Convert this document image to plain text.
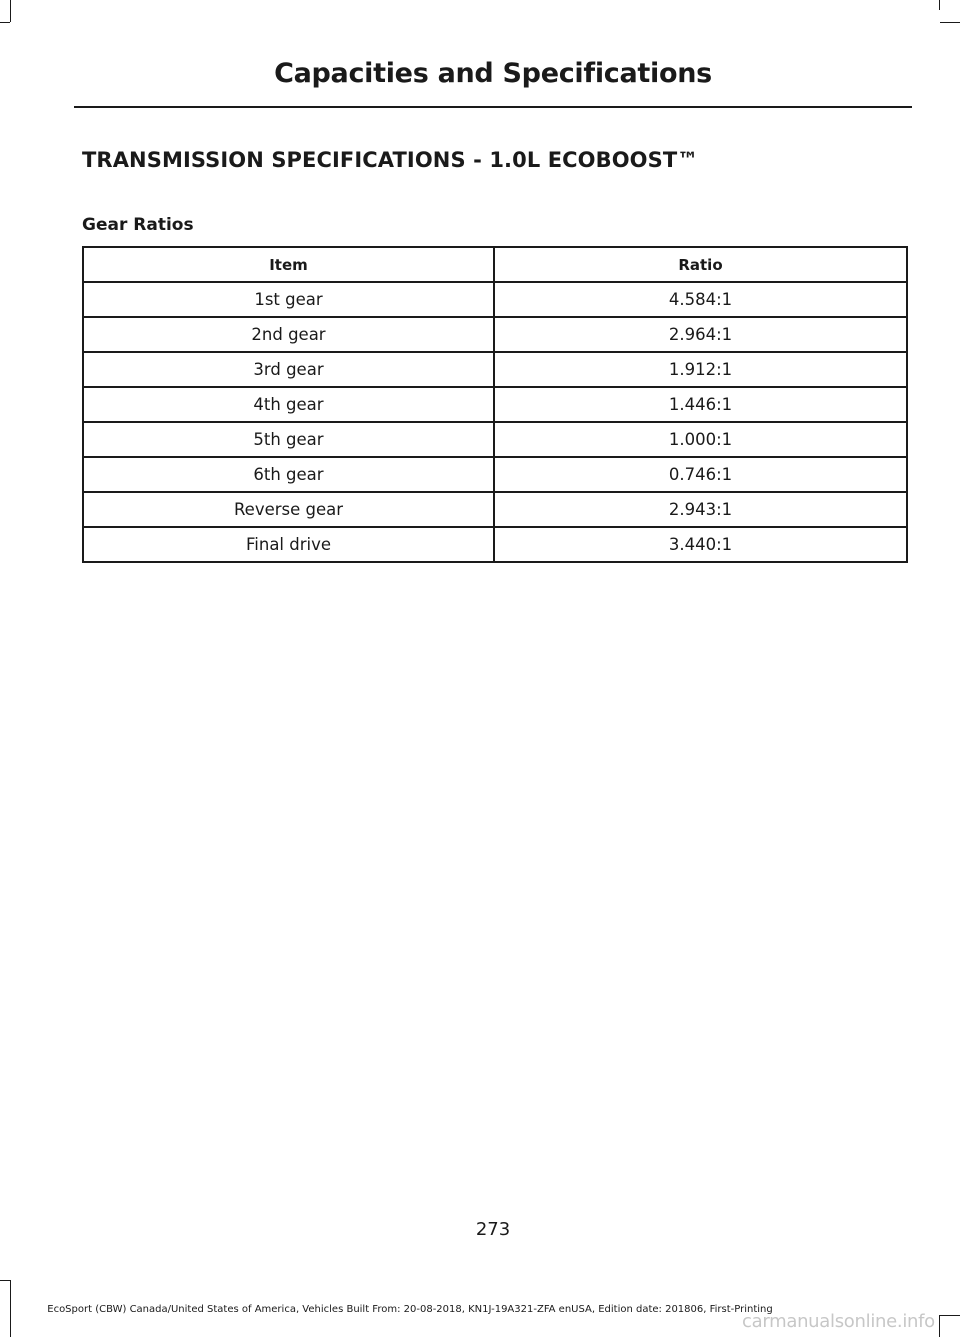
Capacities and Specifications
TRANSMISSION SPECIFICATIONS - 1.0L ECOBOOST™
Gear Ratios
Item	Ratio
1st gear	4.584:1
2nd gear	2.964:1
3rd gear	1.912:1
4th gear	1.446:1
5th gear	1.000:1
6th gear	0.746:1
Reverse gear	2.943:1
Final drive	3.440:1
273
EcoSport (CBW) Canada/United States of America, Vehicles Built From: 20-08-2018, KN1J-19A321-ZFA enUSA, Edition date: 201806, First-Printing
carmanualsonline.info
